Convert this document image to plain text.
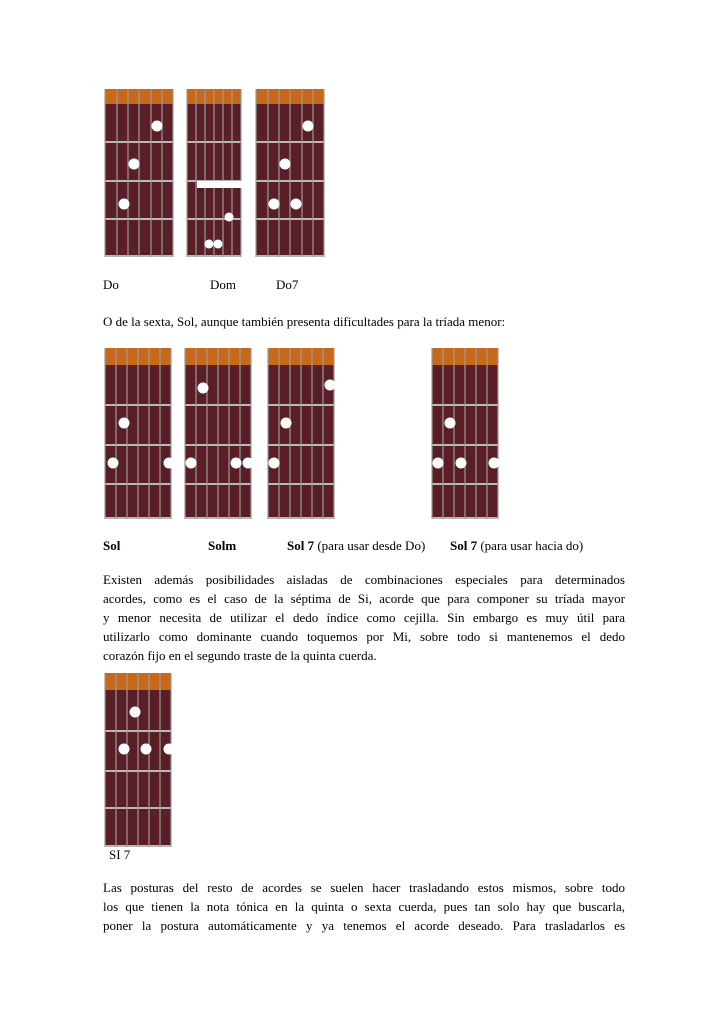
Do	Dom	Do7
O de la sexta, Sol, aunque también presenta dificultades para la tríada menor:
Sol	Solm	Sol 7 (para usar desde Do) Sol 7 (para usar hacia do)
Existen además posibilidades aisladas de combinaciones especiales para determinados
acordes, como es el caso de la séptima de Si, acorde que para componer su tríada mayor
y menor necesita de utilizar el dedo índice como cejilla. Sin embargo es muy útil para
utilizarlo como dominante cuando toquemos por Mi, sobre todo si mantenemos el dedo
corazón fijo en el segundo traste de la quinta cuerda.
SI 7
Las posturas del resto de acordes se suelen hacer trasladando estos mismos, sobre todo
los que tienen la nota tónica en la quinta o sexta cuerda, pues tan solo hay que buscarla,
poner la postura automáticamente y ya tenemos el acorde deseado. Para trasladarlos es
